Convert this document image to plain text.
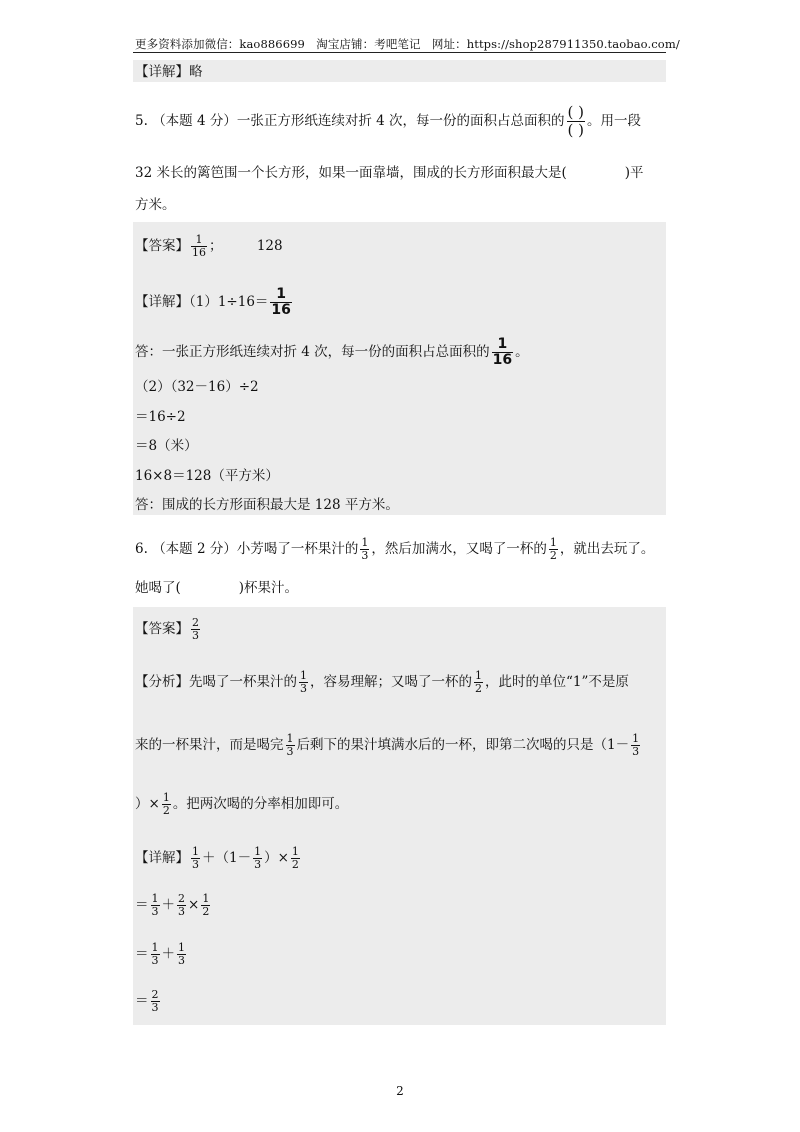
更多资料添加微信：kao886699 淘宝店铺：考吧笔记 网址：https://shop287911350.taobao.com/
【详解】略
5. （本题 4 分）一张正方形纸连续对折 4 次，每一份的面积占总面积的 $\frac{( )}{( )}$ 。用一段
32 米长的篱笆围一个长方形，如果一面靠墙，围成的长方形面积最大是(	)平
方米。
【答案】 $\frac{1}{16}$ ；	128
【详解】$(1)1\div 16= \frac{1}{16}$
答：一张正方形纸连续对折 4 次，每一份的面积占总面积的 $\frac{1}{16}$ 。
（2）（32－16）÷2
＝16÷2
＝8（米）
16×8＝128（平方米）
答：围成的长方形面积最大是 128 平方米。
6. （本题 2 分）小芳喝了一杯果汁的 $\frac{1}{3}$ ，然后加满水，又喝了一杯的 $\frac{1}{2}$ ，就出去玩了。
她喝了(	)杯果汁。
【答案】 $\frac{2}{3}$
【分析】先喝了一杯果汁的 $\frac{1}{3}$ ，容易理解；又喝了一杯的 $\frac{1}{2}$ ，此时的单位“1”不是原
来的一杯果汁，而是喝完 $\frac{1}{3}$ 后剩下的果汁填满水后的一杯，即第二次喝的只是（$1- \frac{1}{3}$
）× $\frac{1}{2}$ 。把两次喝的分率相加即可。
【详解】 $\frac{1}{3} +(1- \frac{1}{3}$ ）× $\frac{1}{2}$
＝ $\frac{1}{3} + \frac{2}{3} \times \frac{1}{2}$
＝ $\frac{1}{3} + \frac{1}{3}$
＝ $\frac{2}{3}$
2
